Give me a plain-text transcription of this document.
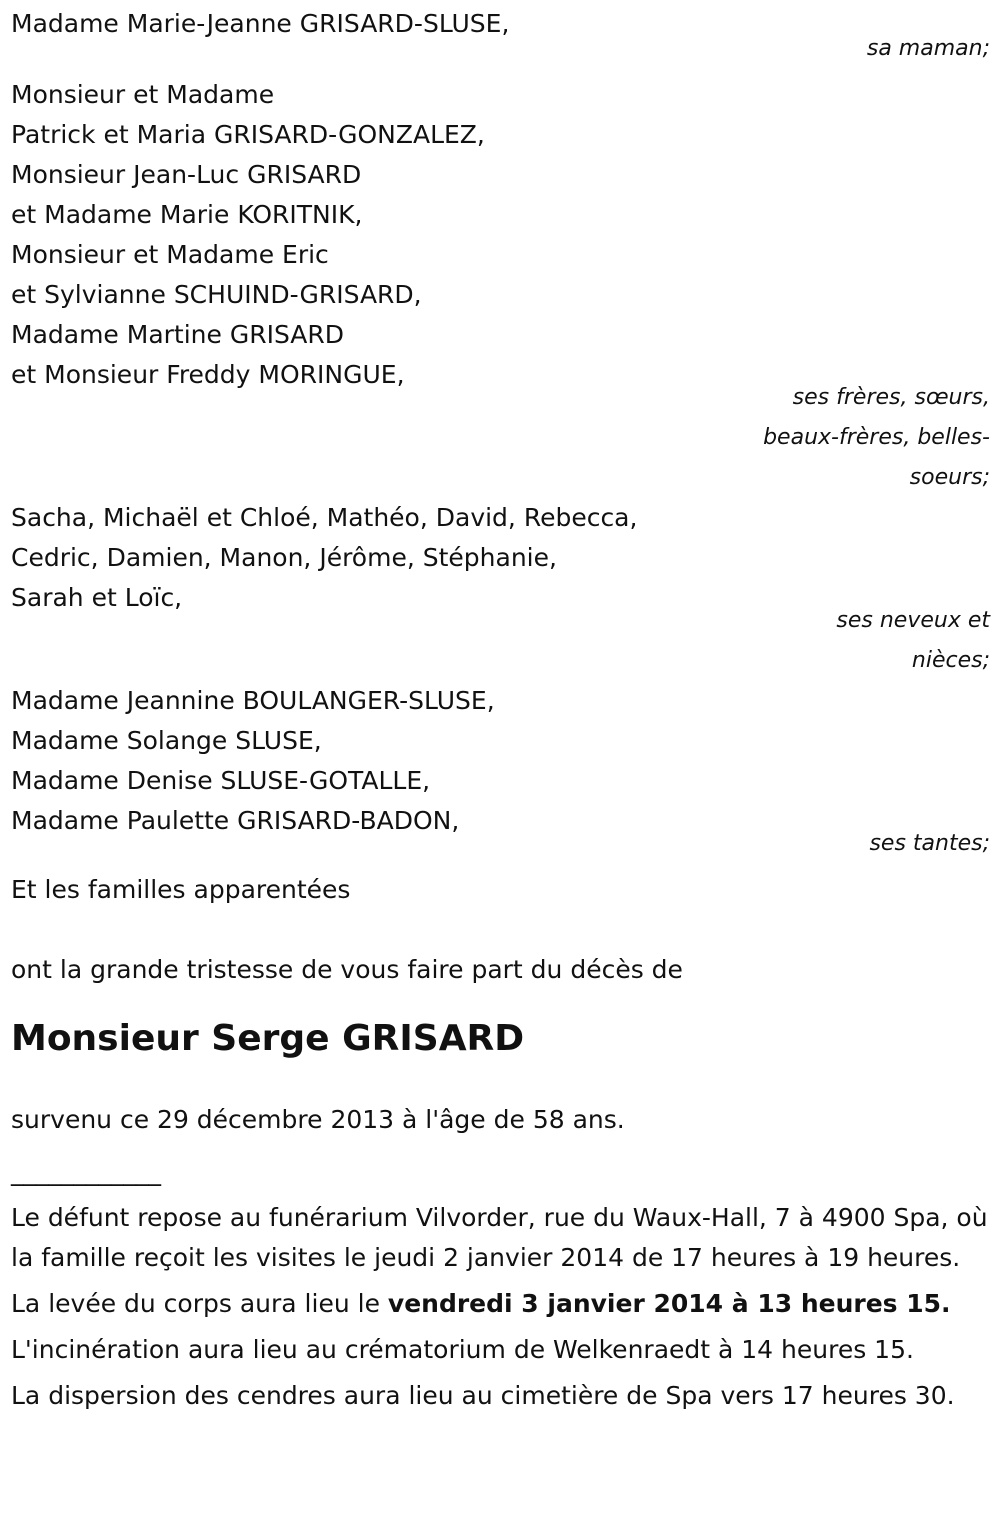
Madame Marie-Jeanne GRISARD-SLUSE,
sa maman;
Monsieur et Madame
Patrick et Maria GRISARD-GONZALEZ,
Monsieur Jean-Luc GRISARD
et Madame Marie KORITNIK,
Monsieur et Madame Eric
et Sylvianne SCHUIND-GRISARD,
Madame Martine GRISARD
et Monsieur Freddy MORINGUE,
ses frères, sœurs,
beaux-frères, belles-
soeurs;
Sacha, Michaël et Chloé, Mathéo, David, Rebecca,
Cedric, Damien, Manon, Jérôme, Stéphanie,
Sarah et Loïc,
ses neveux et
nièces;
Madame Jeannine BOULANGER-SLUSE,
Madame Solange SLUSE,
Madame Denise SLUSE-GOTALLE,
Madame Paulette GRISARD-BADON,
ses tantes;
Et les familles apparentées
ont la grande tristesse de vous faire part du décès de
Monsieur Serge GRISARD
survenu ce 29 décembre 2013 à l'âge de 58 ans.
____________
Le défunt repose au funérarium Vilvorder, rue du Waux-Hall, 7 à 4900 Spa, où la famille reçoit les visites le jeudi 2 janvier 2014 de 17 heures à 19 heures.
La levée du corps aura lieu le vendredi 3 janvier 2014 à 13 heures 15.
L'incinération aura lieu au crématorium de Welkenraedt à 14 heures 15.
La dispersion des cendres aura lieu au cimetière de Spa vers 17 heures 30.
